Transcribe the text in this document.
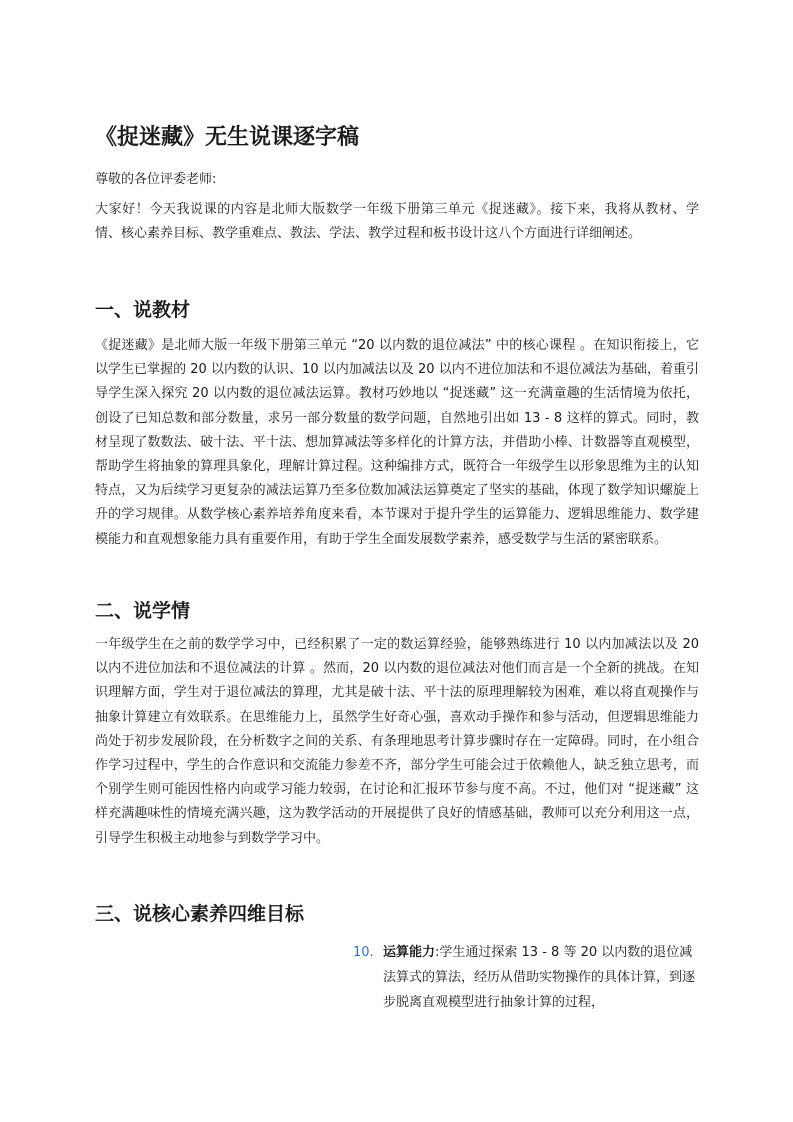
《捉迷藏》无生说课逐字稿

尊敬的各位评委老师:

大家好！今天我说课的内容是北师大版数学一年级下册第三单元《捉迷藏》。接下来，我将从教材、学情、核心素养目标、教学重难点、教法、学法、教学过程和板书设计这八个方面进行详细阐述。
一、说教材
《捉迷藏》是北师大版一年级下册第三单元 “20 以内数的退位减法” 中的核心课程 。在知识衔接上，它以学生已掌握的 20 以内数的认识、10 以内加减法以及 20 以内不进位加法和不退位减法为基础，着重引导学生深入探究 20 以内数的退位减法运算。教材巧妙地以 “捉迷藏” 这一充满童趣的生活情境为依托，创设了已知总数和部分数量，求另一部分数量的数学问题，自然地引出如 13 - 8 这样的算式。同时，教材呈现了数数法、破十法、平十法、想加算减法等多样化的计算方法，并借助小棒、计数器等直观模型，帮助学生将抽象的算理具象化，理解计算过程。这种编排方式，既符合一年级学生以形象思维为主的认知特点，又为后续学习更复杂的减法运算乃至多位数加减法运算奠定了坚实的基础，体现了数学知识螺旋上升的学习规律。从数学核心素养培养角度来看，本节课对于提升学生的运算能力、逻辑思维能力、数学建模能力和直观想象能力具有重要作用，有助于学生全面发展数学素养，感受数学与生活的紧密联系。
二、说学情
一年级学生在之前的数学学习中，已经积累了一定的数运算经验，能够熟练进行 10 以内加减法以及 20 以内不进位加法和不退位减法的计算 。然而，20 以内数的退位减法对他们而言是一个全新的挑战。在知识理解方面，学生对于退位减法的算理，尤其是破十法、平十法的原理理解较为困难，难以将直观操作与抽象计算建立有效联系。在思维能力上，虽然学生好奇心强，喜欢动手操作和参与活动，但逻辑思维能力尚处于初步发展阶段，在分析数字之间的关系、有条理地思考计算步骤时存在一定障碍。同时，在小组合作学习过程中，学生的合作意识和交流能力参差不齐，部分学生可能会过于依赖他人，缺乏独立思考，而个别学生则可能因性格内向或学习能力较弱，在讨论和汇报环节参与度不高。不过，他们对 “捉迷藏” 这样充满趣味性的情境充满兴趣，这为教学活动的开展提供了良好的情感基础，教师可以充分利用这一点，引导学生积极主动地参与到数学学习中。
三、说核心素养四维目标
10. 运算能力:学生通过探索 13 - 8 等 20 以内数的退位减法算式的算法，经历从借助实物操作的具体计算，到逐步脱离直观模型进行抽象计算的过程，
